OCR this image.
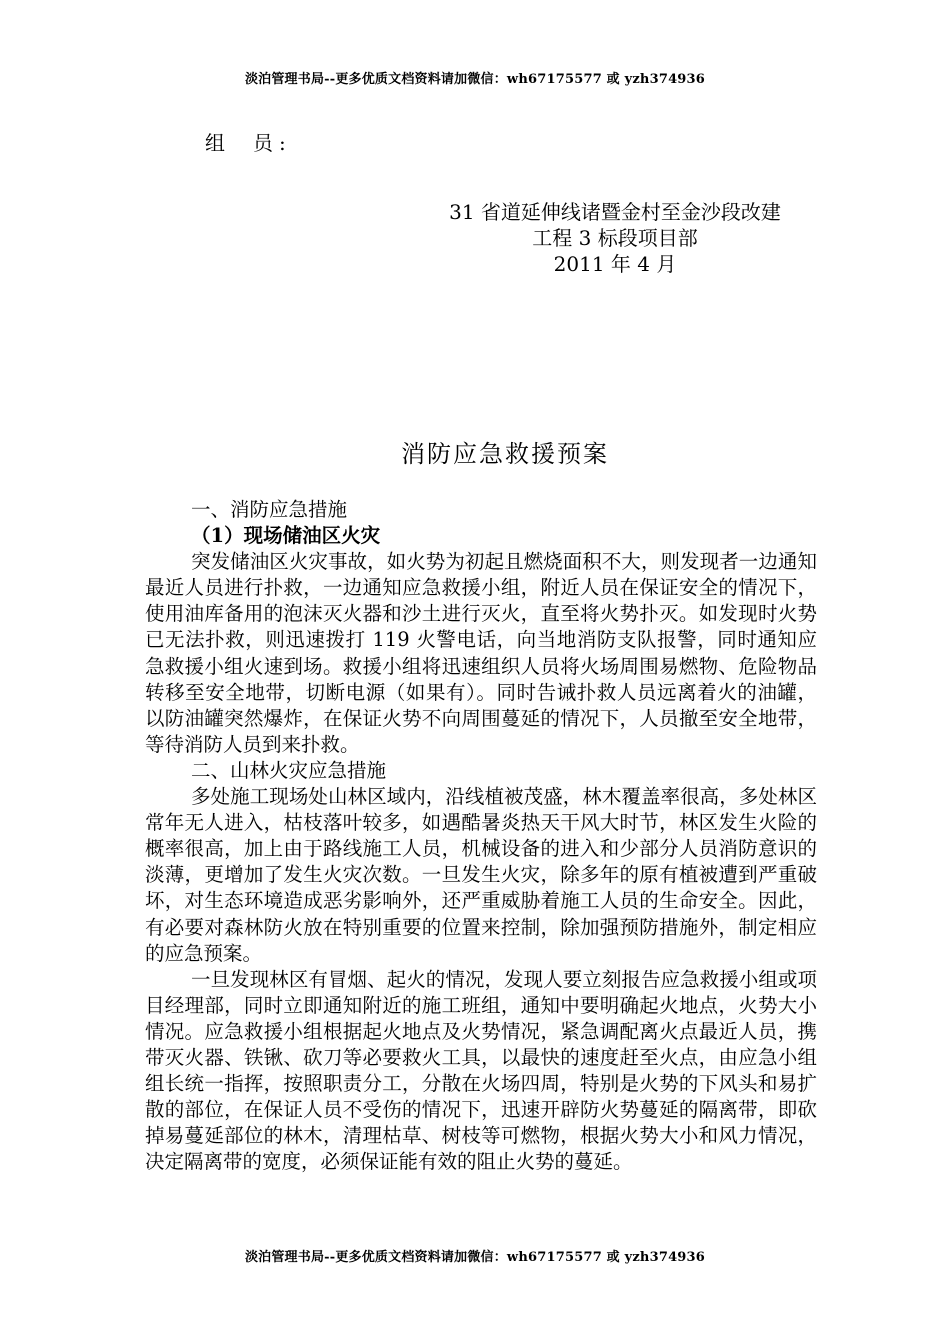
淡泊管理书局--更多优质文档资料请加微信：wh67175577 或 yzh374936
组 员:
31 省道延伸线诸暨金村至金沙段改建
工程 3 标段项目部
2011 年 4 月
消防应急救援预案

一、消防应急措施

（1）现场储油区火灾

突发储油区火灾事故，如火势为初起且燃烧面积不大，则发现者一边通知最近人员进行扑救，一边通知应急救援小组，附近人员在保证安全的情况下，使用油库备用的泡沫灭火器和沙土进行灭火，直至将火势扑灭。如发现时火势已无法扑救，则迅速拨打 119 火警电话，向当地消防支队报警，同时通知应急救援小组火速到场。救援小组将迅速组织人员将火场周围易燃物、危险物品转移至安全地带，切断电源（如果有）。同时告诫扑救人员远离着火的油罐，以防油罐突然爆炸，在保证火势不向周围蔓延的情况下，人员撤至安全地带，等待消防人员到来扑救。

二、山林火灾应急措施

多处施工现场处山林区域内，沿线植被茂盛，林木覆盖率很高，多处林区常年无人进入，枯枝落叶较多，如遇酷暑炎热天干风大时节，林区发生火险的概率很高，加上由于路线施工人员，机械设备的进入和少部分人员消防意识的淡薄，更增加了发生火灾次数。一旦发生火灾，除多年的原有植被遭到严重破坏，对生态环境造成恶劣影响外，还严重威胁着施工人员的生命安全。因此，有必要对森林防火放在特别重要的位置来控制，除加强预防措施外，制定相应的应急预案。

一旦发现林区有冒烟、起火的情况，发现人要立刻报告应急救援小组或项目经理部，同时立即通知附近的施工班组，通知中要明确起火地点，火势大小情况。应急救援小组根据起火地点及火势情况，紧急调配离火点最近人员，携带灭火器、铁锹、砍刀等必要救火工具，以最快的速度赶至火点，由应急小组组长统一指挥，按照职责分工，分散在火场四周，特别是火势的下风头和易扩散的部位，在保证人员不受伤的情况下，迅速开辟防火势蔓延的隔离带，即砍掉易蔓延部位的林木，清理枯草、树枝等可燃物，根据火势大小和风力情况，决定隔离带的宽度，必须保证能有效的阻止火势的蔓延。

淡泊管理书局--更多优质文档资料请加微信：wh67175577 或 yzh374936
